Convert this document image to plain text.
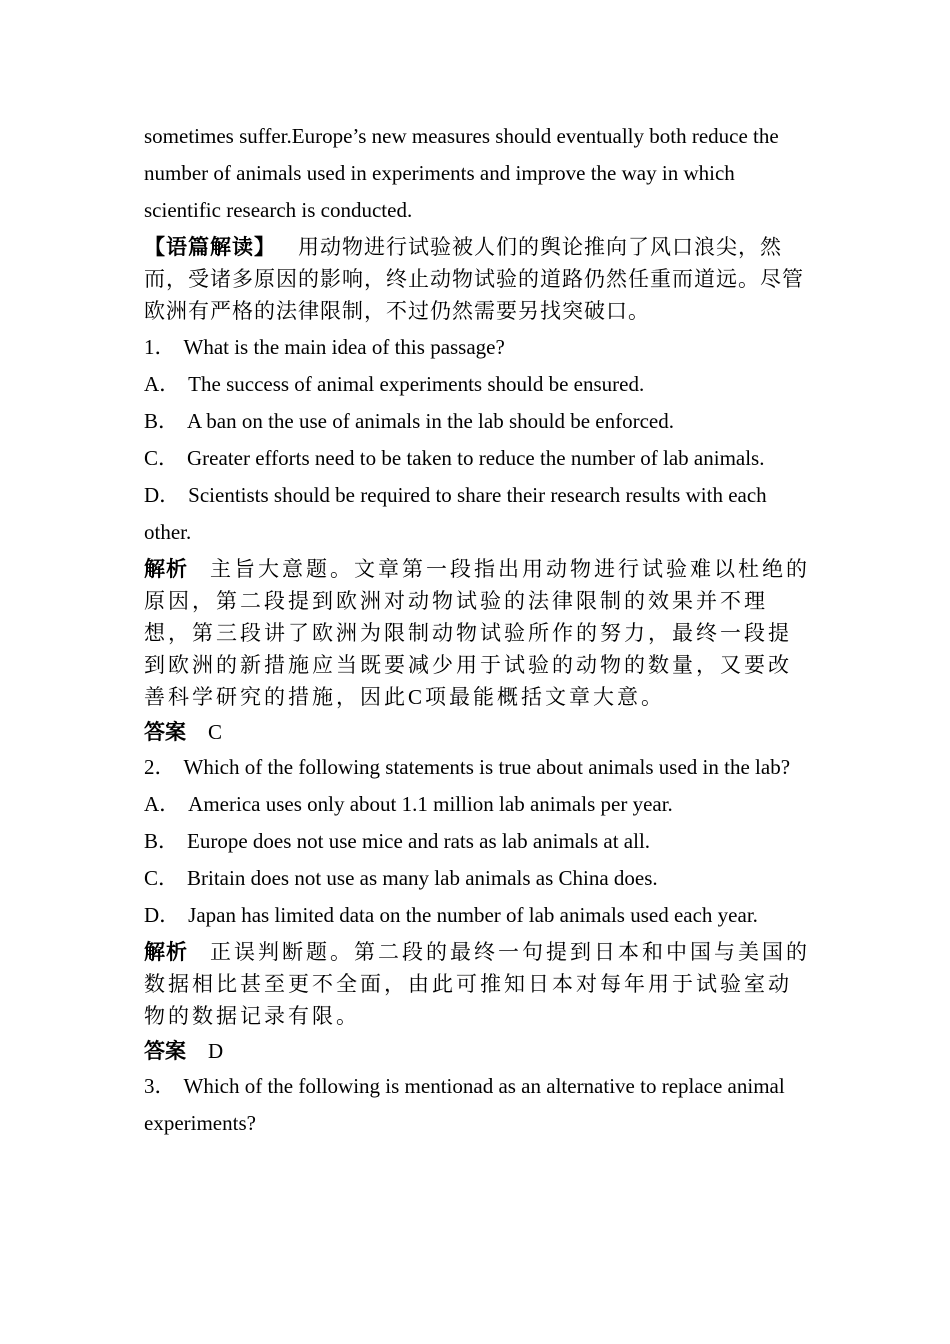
sometimes suffer.Europe’s new measures should eventually both reduce the number of animals used in experiments and improve the way in which scientific research is conducted.

【语篇解读】 用动物进行试验被人们的舆论推向了风口浪尖，然而，受诸多原因的影响，终止动物试验的道路仍然任重而道远。尽管欧洲有严格的法律限制，不过仍然需要另找突破口。

1． What is the main idea of this passage?

A． The success of animal experiments should be ensured.

B． A ban on the use of animals in the lab should be enforced.

C． Greater efforts need to be taken to reduce the number of lab animals.

D． Scientists should be required to share their research results with each other.

解析 主旨大意题。文章第一段指出用动物进行试验难以杜绝的原因，第二段提到欧洲对动物试验的法律限制的效果并不理想，第三段讲了欧洲为限制动物试验所作的努力，最终一段提到欧洲的新措施应当既要减少用于试验的动物的数量，又要改善科学研究的措施，因此C项最能概括文章大意。

答案 C

2． Which of the following statements is true about animals used in the lab?

A． America uses only about 1.1 million lab animals per year.

B． Europe does not use mice and rats as lab animals at all.

C． Britain does not use as many lab animals as China does.

D． Japan has limited data on the number of lab animals used each year.

解析 正误判断题。第二段的最终一句提到日本和中国与美国的数据相比甚至更不全面，由此可推知日本对每年用于试验室动物的数据记录有限。

答案 D

3． Which of the following is mentionad as an alternative to replace animal experiments?
